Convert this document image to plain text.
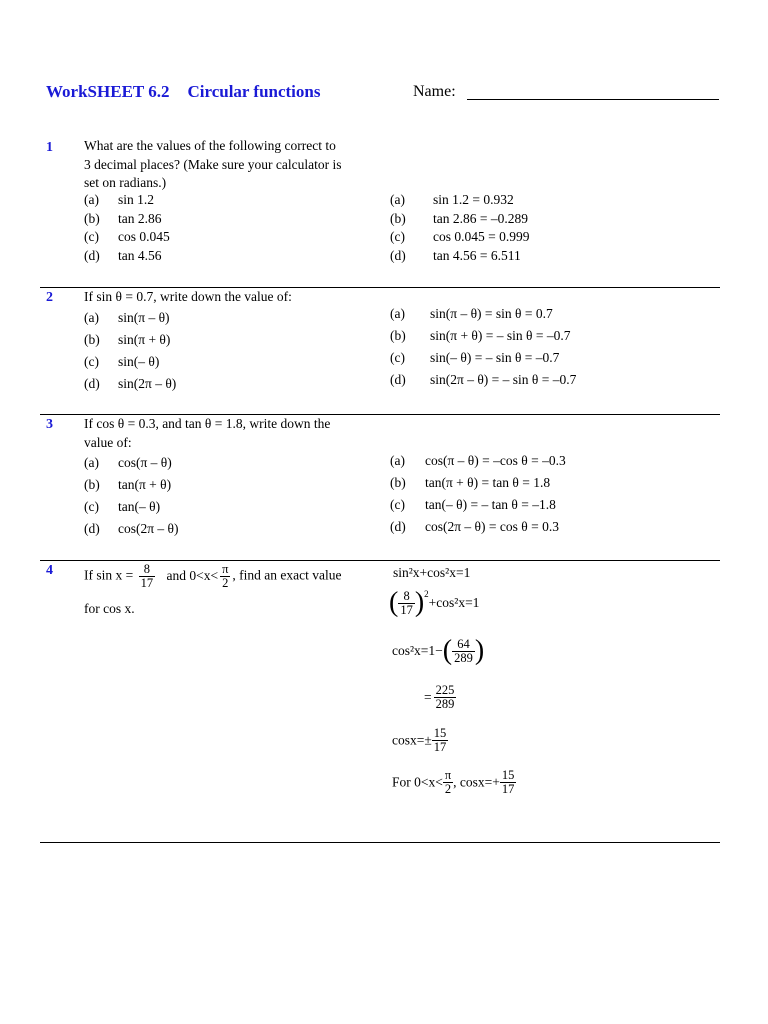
WorkSHEET 6.2 Circular functions	Name:
1 What are the values of the following correct to
3 decimal places? (Make sure your calculator is
set on radians.)
(a) sin 1.2
(b) tan 2.86
(c) cos 0.045
(d) tan 4.56
(a) sin 1.2 = 0.932
(b) tan 2.86 = –0.289
(c) cos 0.045 = 0.999
(d) tan 4.56 = 6.511
2 If sin θ = 0.7, write down the value of:
(a) sin(π – θ)
(b) sin(π + θ)
(c) sin(– θ)
(d) sin(2π – θ)
(a) sin(π – θ) = sin θ = 0.7
(b) sin(π + θ) = – sin θ = –0.7
(c) sin(– θ) = – sin θ = –0.7
(d) sin(2π – θ) = – sin θ = –0.7
3 If cos θ = 0.3, and tan θ = 1.8, write down the
value of:
(a) cos(π – θ)
(b) tan(π + θ)
(c) tan(– θ)
(d) cos(2π – θ)
(a) cos(π – θ) = –cos θ = –0.3
(b) tan(π + θ) = tan θ = 1.8
(c) tan(– θ) = – tan θ = –1.8
(d) cos(2π – θ) = cos θ = 0.3
4 If $\sin x = \frac{8}{17}$ and $0<x< \frac{\pi}{2}$ , find an exact value
for cos x.
sin²x+cos²x=1
( $\frac{8}{17} )^2+\cos^2x=1$
$\cos^2x=1-( \frac{64}{289}$ )
= $\frac{225}{289}$
$\cos x=\pm \frac{15}{17}$
For $0<x< \frac{\pi}{2}$ , $\cos x=+ \frac{15}{17}$
